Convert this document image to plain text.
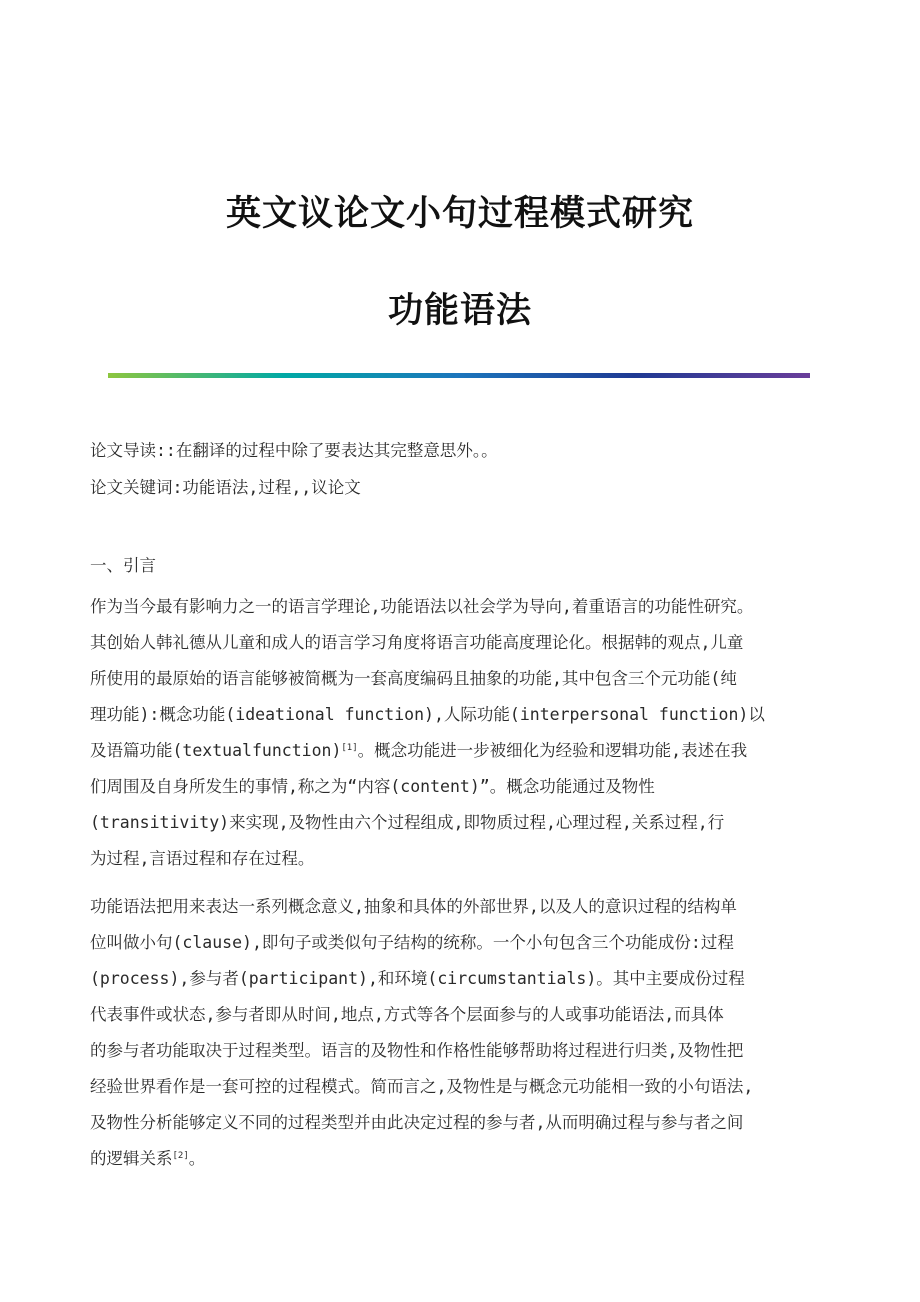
英文议论文小句过程模式研究
功能语法
论文导读::在翻译的过程中除了要表达其完整意思外。。
论文关键词:功能语法,过程,,议论文
一、引言
作为当今最有影响力之一的语言学理论,功能语法以社会学为导向,着重语言的功能性研究。
其创始人韩礼德从儿童和成人的语言学习角度将语言功能高度理论化。根据韩的观点,儿童
所使用的最原始的语言能够被简概为一套高度编码且抽象的功能,其中包含三个元功能(纯
理功能):概念功能(ideational function),人际功能(interpersonal function)以
及语篇功能(textualfunction)[1]。概念功能进一步被细化为经验和逻辑功能,表述在我
们周围及自身所发生的事情,称之为“内容(content)”。概念功能通过及物性
(transitivity)来实现,及物性由六个过程组成,即物质过程,心理过程,关系过程,行
为过程,言语过程和存在过程。
功能语法把用来表达一系列概念意义,抽象和具体的外部世界,以及人的意识过程的结构单
位叫做小句(clause),即句子或类似句子结构的统称。一个小句包含三个功能成份:过程
(process),参与者(participant),和环境(circumstantials)。其中主要成份过程
代表事件或状态,参与者即从时间,地点,方式等各个层面参与的人或事功能语法,而具体
的参与者功能取决于过程类型。语言的及物性和作格性能够帮助将过程进行归类,及物性把
经验世界看作是一套可控的过程模式。简而言之,及物性是与概念元功能相一致的小句语法,
及物性分析能够定义不同的过程类型并由此决定过程的参与者,从而明确过程与参与者之间
的逻辑关系[2]。
